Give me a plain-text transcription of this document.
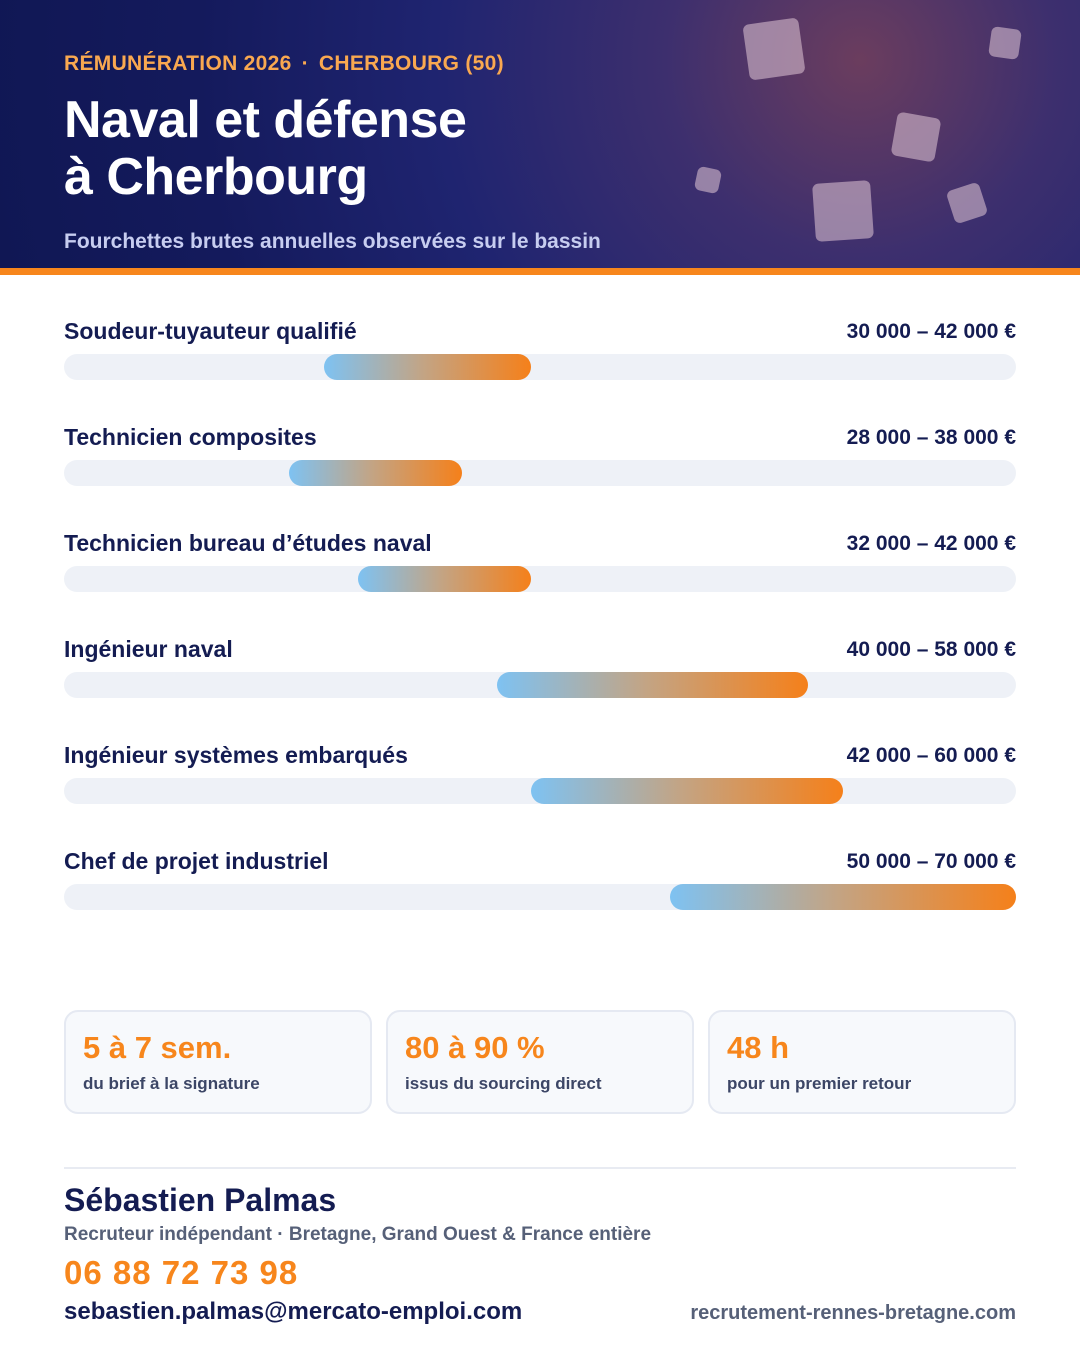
RÉMUNÉRATION 2026 · CHERBOURG (50)
Naval et défense
à Cherbourg
Fourchettes brutes annuelles observées sur le bassin
Soudeur-tuyauteur qualifié	30 000 – 42 000 €
Technicien composites	28 000 – 38 000 €
Technicien bureau d’études naval	32 000 – 42 000 €
Ingénieur naval	40 000 – 58 000 €
Ingénieur systèmes embarqués	42 000 – 60 000 €
Chef de projet industriel	50 000 – 70 000 €
5 à 7 sem.
du brief à la signature
80 à 90 %
issus du sourcing direct
48 h
pour un premier retour
Sébastien Palmas
Recruteur indépendant · Bretagne, Grand Ouest & France entière
06 88 72 73 98
sebastien.palmas@mercato-emploi.com	recrutement-rennes-bretagne.com
